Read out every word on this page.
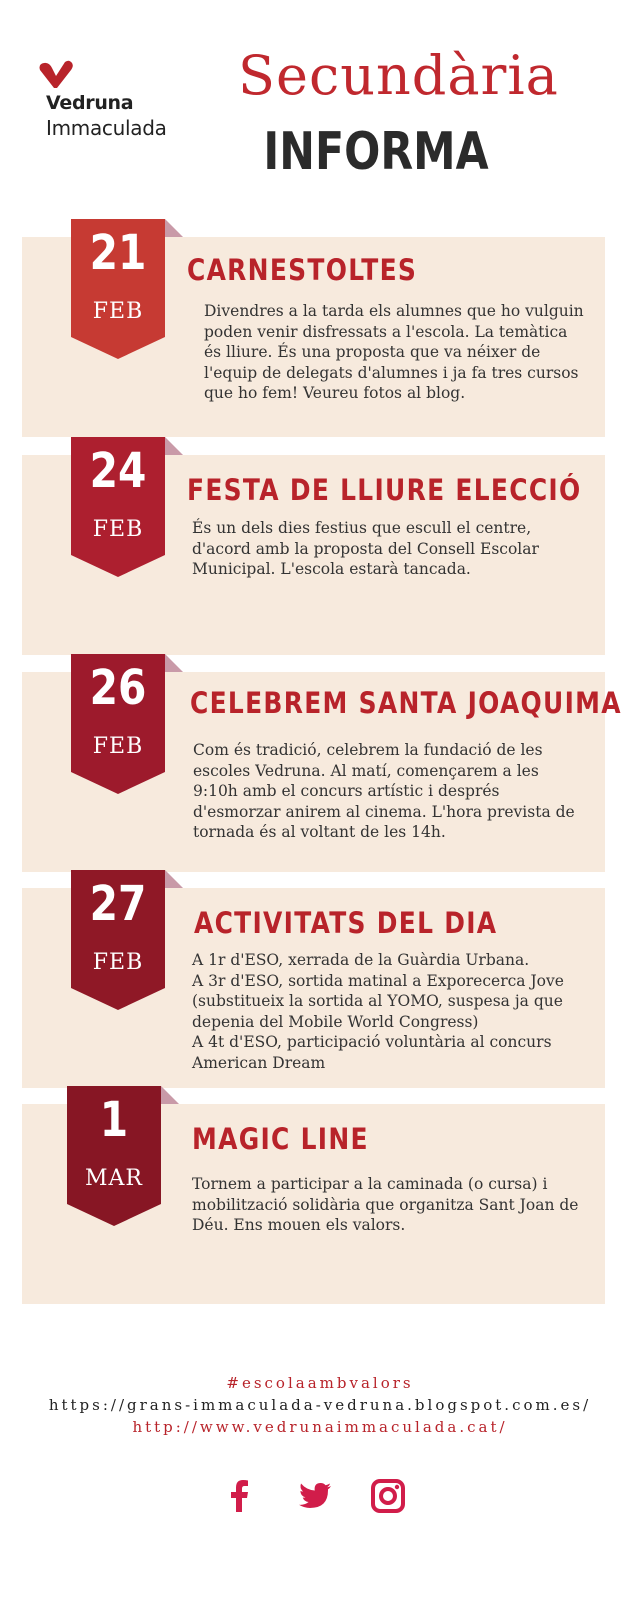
Vedruna
Immaculada
Secundària
INFORMA
21
FEB
CARNESTOLTES
Divendres a la tarda els alumnes que ho vulguin poden venir disfressats a l'escola. La temàtica és lliure. És una proposta que va néixer de l'equip de delegats d'alumnes i ja fa tres cursos que ho fem! Veureu fotos al blog.
24
FEB
FESTA DE LLIURE ELECCIÓ
És un dels dies festius que escull el centre, d'acord amb la proposta del Consell Escolar Municipal. L'escola estarà tancada.
26
FEB
CELEBREM SANTA JOAQUIMA
Com és tradició, celebrem la fundació de les escoles Vedruna. Al matí, començarem a les 9:10h amb el concurs artístic i després d'esmorzar anirem al cinema. L'hora prevista de tornada és al voltant de les 14h.
27
FEB
ACTIVITATS DEL DIA
A 1r d'ESO, xerrada de la Guàrdia Urbana.
A 3r d'ESO, sortida matinal a Exporecerca Jove (substitueix la sortida al YOMO, suspesa ja que depenia del Mobile World Congress)
A 4t d'ESO, participació voluntària al concurs American Dream
1
MAR
MAGIC LINE
Tornem a participar a la caminada (o cursa) i mobilització solidària que organitza Sant Joan de Déu. Ens mouen els valors.
#escolaambvalors
https://grans-immaculada-vedruna.blogspot.com.es/
http://www.vedrunaimmaculada.cat/
